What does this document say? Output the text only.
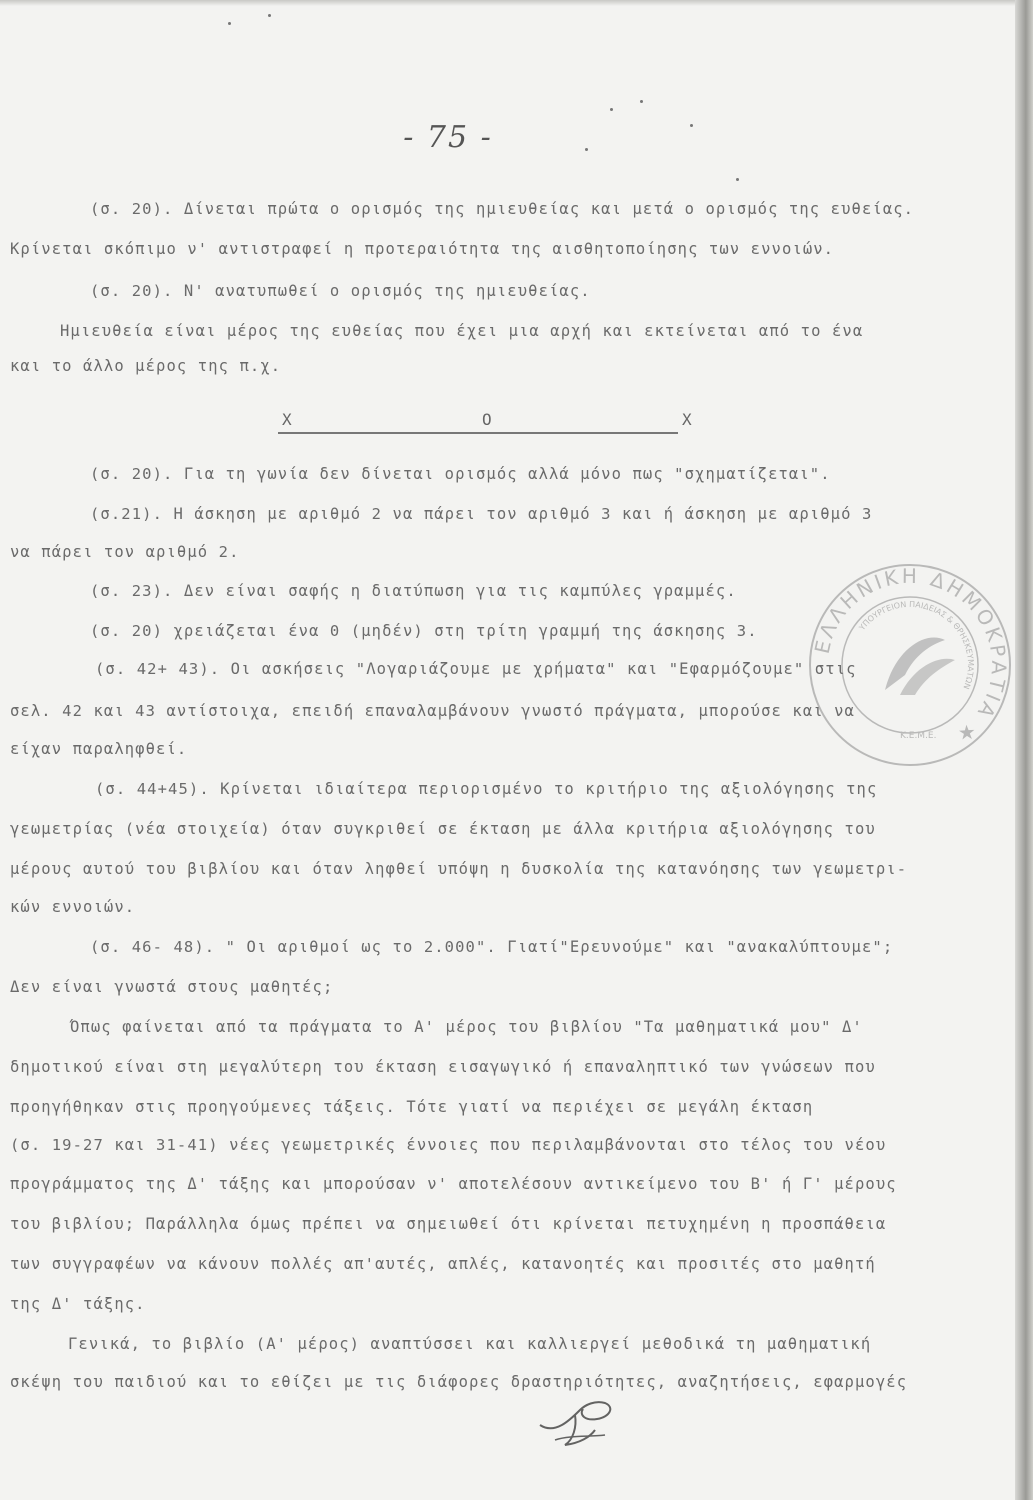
- 75 -
(σ. 20). Δίνεται πρώτα ο ορισμός της ημιευθείας και μετά ο ορισμός της ευθείας.
Κρίνεται σκόπιμο ν' αντιστραφεί η προτεραιότητα της αισθητοποίησης των εννοιών.
(σ. 20). Ν' ανατυπωθεί ο ορισμός της ημιευθείας.
Ημιευθεία είναι μέρος της ευθείας που έχει μια αρχή και εκτείνεται από το ένα
και το άλλο μέρος της π.χ.
X	O	X
(σ. 20). Για τη γωνία δεν δίνεται ορισμός αλλά μόνο πως "σχηματίζεται".
(σ.21). Η άσκηση με αριθμό 2 να πάρει τον αριθμό 3 και ή άσκηση με αριθμό 3
να πάρει τον αριθμό 2.
(σ. 23). Δεν είναι σαφής η διατύπωση για τις καμπύλες γραμμές.
(σ. 20) χρειάζεται ένα 0 (μηδέν) στη τρίτη γραμμή της άσκησης 3.
(σ. 42+ 43). Οι ασκήσεις "Λογαριάζουμε με χρήματα" και "Εφαρμόζουμε" στις
σελ. 42 και 43 αντίστοιχα, επειδή επαναλαμβάνουν γνωστό πράγματα, μπορούσε και να
είχαν παραληφθεί.
(σ. 44+45). Κρίνεται ιδιαίτερα περιορισμένο το κριτήριο της αξιολόγησης της
γεωμετρίας (νέα στοιχεία) όταν συγκριθεί σε έκταση με άλλα κριτήρια αξιολόγησης του
μέρους αυτού του βιβλίου και όταν ληφθεί υπόψη η δυσκολία της κατανόησης των γεωμετρι-
κών εννοιών.
(σ. 46- 48). " Οι αριθμοί ως το 2.000". Γιατί"Ερευνούμε" και "ανακαλύπτουμε";
Δεν είναι γνωστά στους μαθητές;
Όπως φαίνεται από τα πράγματα το Α' μέρος του βιβλίου "Τα μαθηματικά μου" Δ'
δημοτικού είναι στη μεγαλύτερη του έκταση εισαγωγικό ή επαναληπτικό των γνώσεων που
προηγήθηκαν στις προηγούμενες τάξεις. Τότε γιατί να περιέχει σε μεγάλη έκταση
(σ. 19-27 και 31-41) νέες γεωμετρικές έννοιες που περιλαμβάνονται στο τέλος του νέου
προγράμματος της Δ' τάξης και μπορούσαν ν' αποτελέσουν αντικείμενο του Β' ή Γ' μέρους
του βιβλίου; Παράλληλα όμως πρέπει να σημειωθεί ότι κρίνεται πετυχημένη η προσπάθεια
των συγγραφέων να κάνουν πολλές απ'αυτές, απλές, κατανοητές και προσιτές στο μαθητή
της Δ' τάξης.
Γενικά, το βιβλίο (Α' μέρος) αναπτύσσει και καλλιεργεί μεθοδικά τη μαθηματική
σκέψη του παιδιού και το εθίζει με τις διάφορες δραστηριότητες, αναζητήσεις, εφαρμογές
ΕΛΛΗΝΙΚΗ ΔΗΜΟΚΡΑΤΙΑ ★
ΥΠΟΥΡΓΕΙΟΝ ΠΑΙΔΕΙΑΣ & ΘΡΗΣΚΕΥΜΑΤΩΝ
Κ.Ε.Μ.Ε.
